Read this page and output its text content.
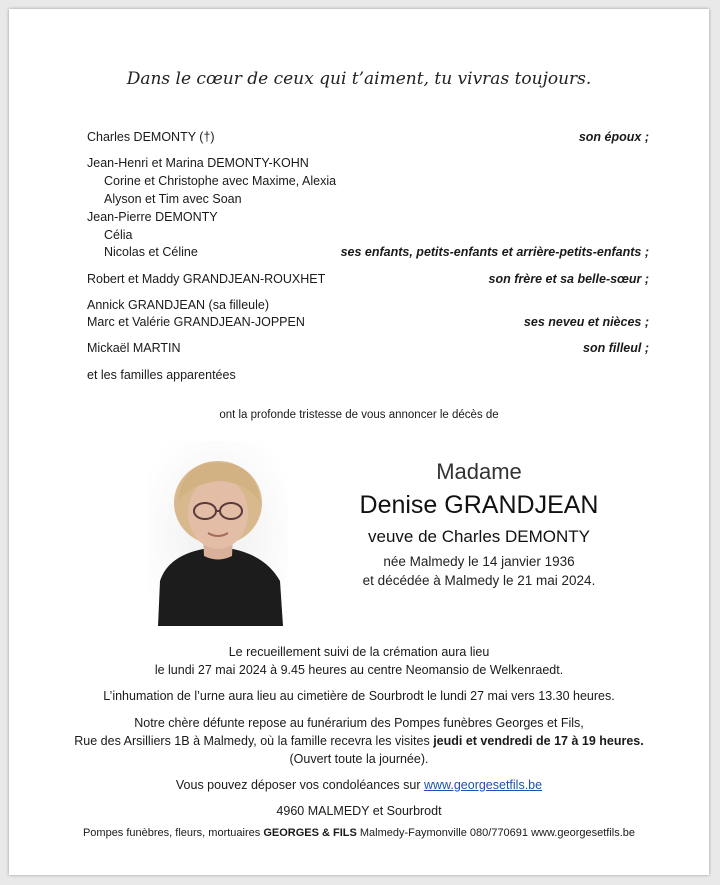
Dans le cœur de ceux qui t’aiment, tu vivras toujours.
Charles DEMONTY (†)	son époux ;
Jean-Henri et Marina DEMONTY-KOHN
Corine et Christophe avec Maxime, Alexia
Alyson et Tim avec Soan
Jean-Pierre DEMONTY
Célia
Nicolas et Céline	ses enfants, petits-enfants et arrière-petits-enfants ;
Robert et Maddy GRANDJEAN-ROUXHET	son frère et sa belle-sœur ;
Annick GRANDJEAN (sa filleule)
Marc et Valérie GRANDJEAN-JOPPEN	ses neveu et nièces ;
Mickaël MARTIN	son filleul ;
et les familles apparentées
ont la profonde tristesse de vous annoncer le décès de
Madame
Denise GRANDJEAN
veuve de Charles DEMONTY
née Malmedy le 14 janvier 1936
et décédée à Malmedy le 21 mai 2024.
Le recueillement suivi de la crémation aura lieu
le lundi 27 mai 2024 à 9.45 heures au centre Neomansio de Welkenraedt.
L’inhumation de l’urne aura lieu au cimetière de Sourbrodt le lundi 27 mai vers 13.30 heures.
Notre chère défunte repose au funérarium des Pompes funèbres Georges et Fils,
Rue des Arsilliers 1B à Malmedy, où la famille recevra les visites jeudi et vendredi de 17 à 19 heures.
(Ouvert toute la journée).
Vous pouvez déposer vos condoléances sur www.georgesetfils.be
4960 MALMEDY et Sourbrodt
Pompes funèbres, fleurs, mortuaires GEORGES & FILS Malmedy-Faymonville 080/770691 www.georgesetfils.be
